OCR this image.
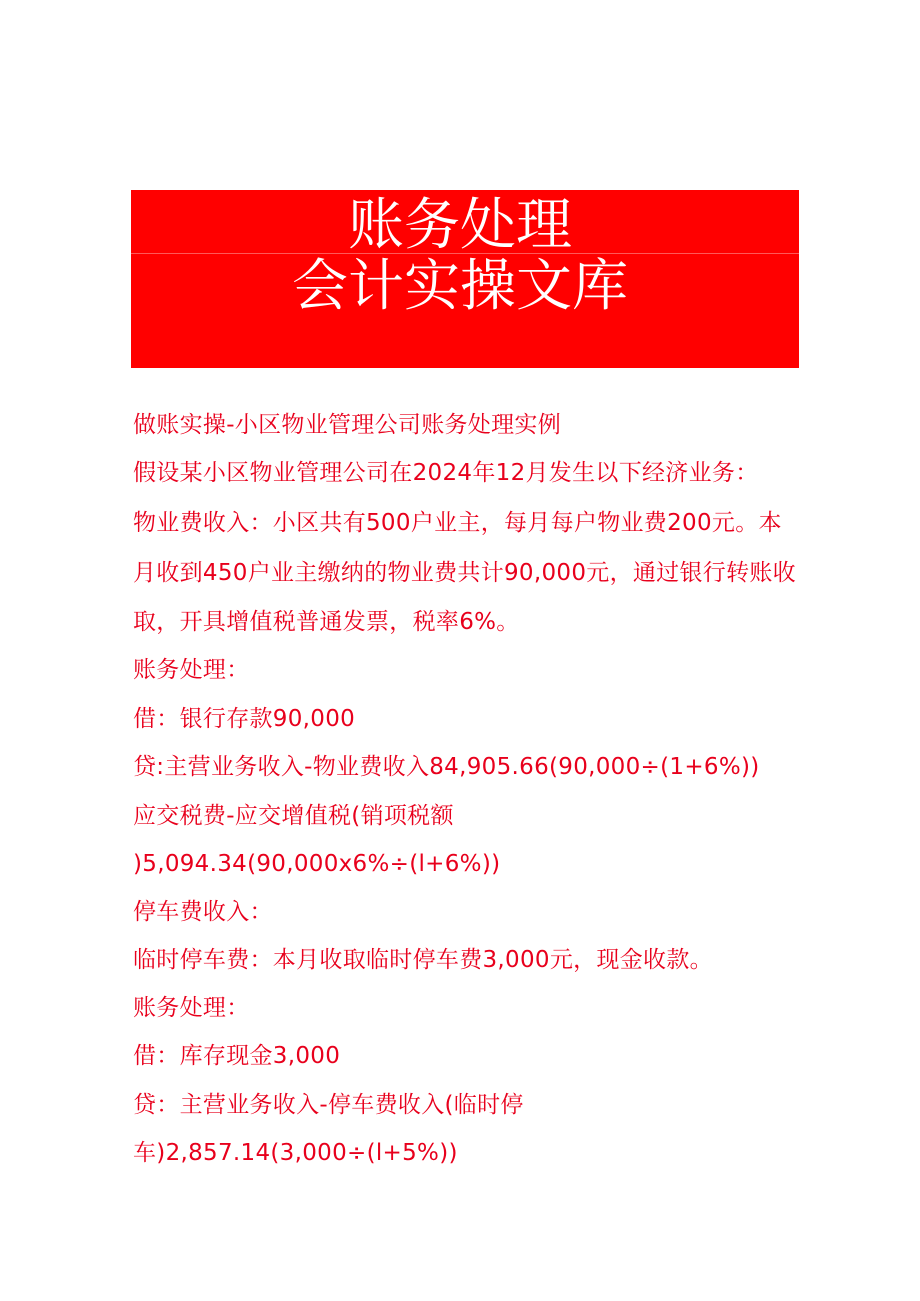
账务处理
会计实操文库
做账实操-小区物业管理公司账务处理实例
假设某小区物业管理公司在2024年12月发生以下经济业务：
物业费收入：小区共有500户业主，每月每户物业费200元。本
月收到450户业主缴纳的物业费共计90,000元，通过银行转账收
取，开具增值税普通发票，税率6%。
账务处理：
借：银行存款90,000
贷:主营业务收入-物业费收入84,905.66(90,000÷(1+6%))
应交税费-应交增值税(销项税额
)5,094.34(90,000x6%÷(l+6%))
停车费收入：
临时停车费：本月收取临时停车费3,000元，现金收款。
账务处理：
借：库存现金3,000
贷：主营业务收入-停车费收入(临时停
车)2,857.14(3,000÷(l+5%))
